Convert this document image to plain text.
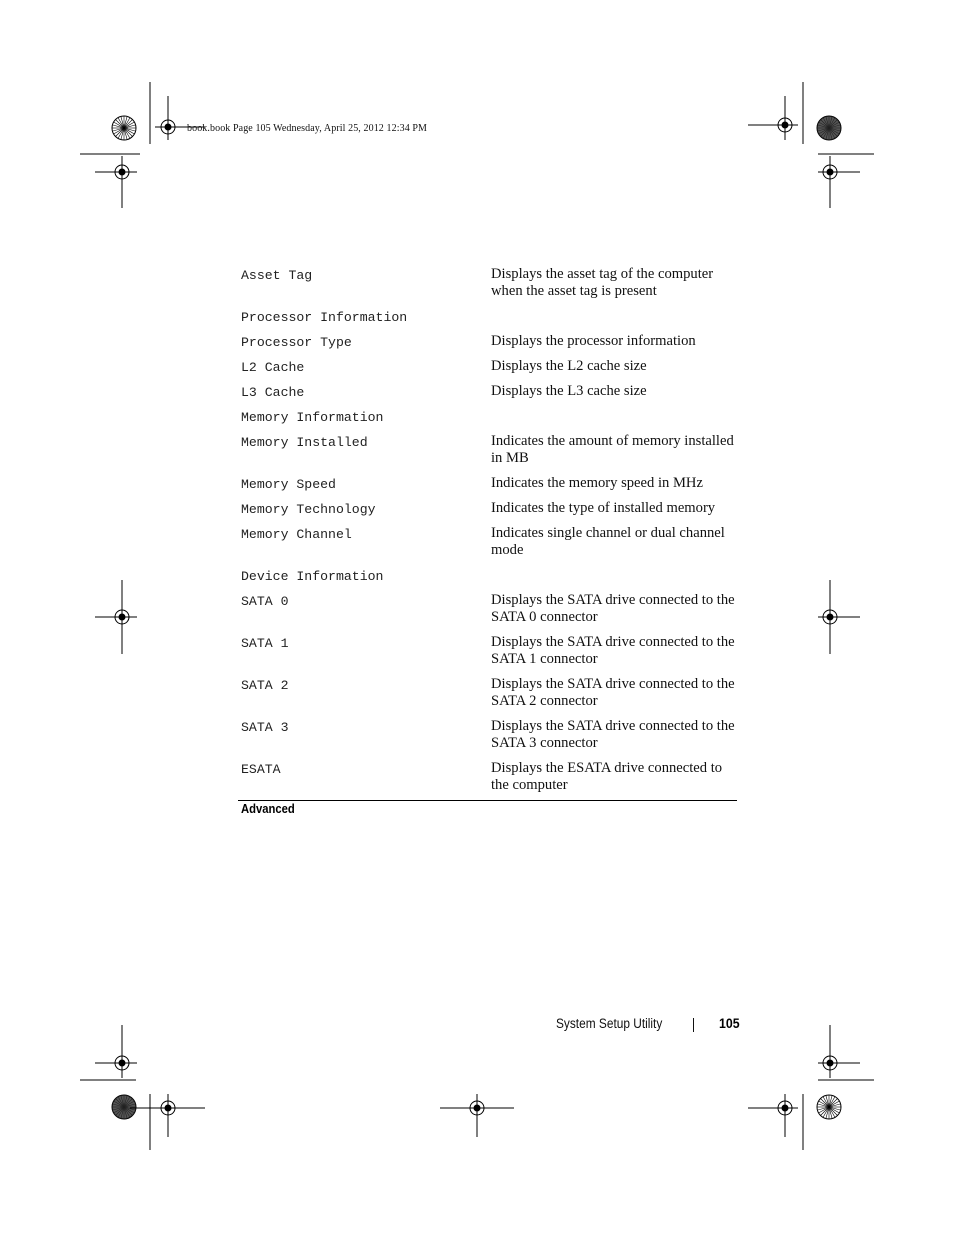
book.book Page 105 Wednesday, April 25, 2012 12:34 PM
Asset Tag	Displays the asset tag of the computer when the asset tag is present
Processor Information
Processor Type	Displays the processor information
L2 Cache	Displays the L2 cache size
L3 Cache	Displays the L3 cache size
Memory Information
Memory Installed	Indicates the amount of memory installed in MB
Memory Speed	Indicates the memory speed in MHz
Memory Technology	Indicates the type of installed memory
Memory Channel	Indicates single channel or dual channel mode
Device Information
SATA 0	Displays the SATA drive connected to the SATA 0 connector
SATA 1	Displays the SATA drive connected to the SATA 1 connector
SATA 2	Displays the SATA drive connected to the SATA 2 connector
SATA 3	Displays the SATA drive connected to the SATA 3 connector
ESATA	Displays the ESATA drive connected to the computer
Advanced
System Setup Utility	105
